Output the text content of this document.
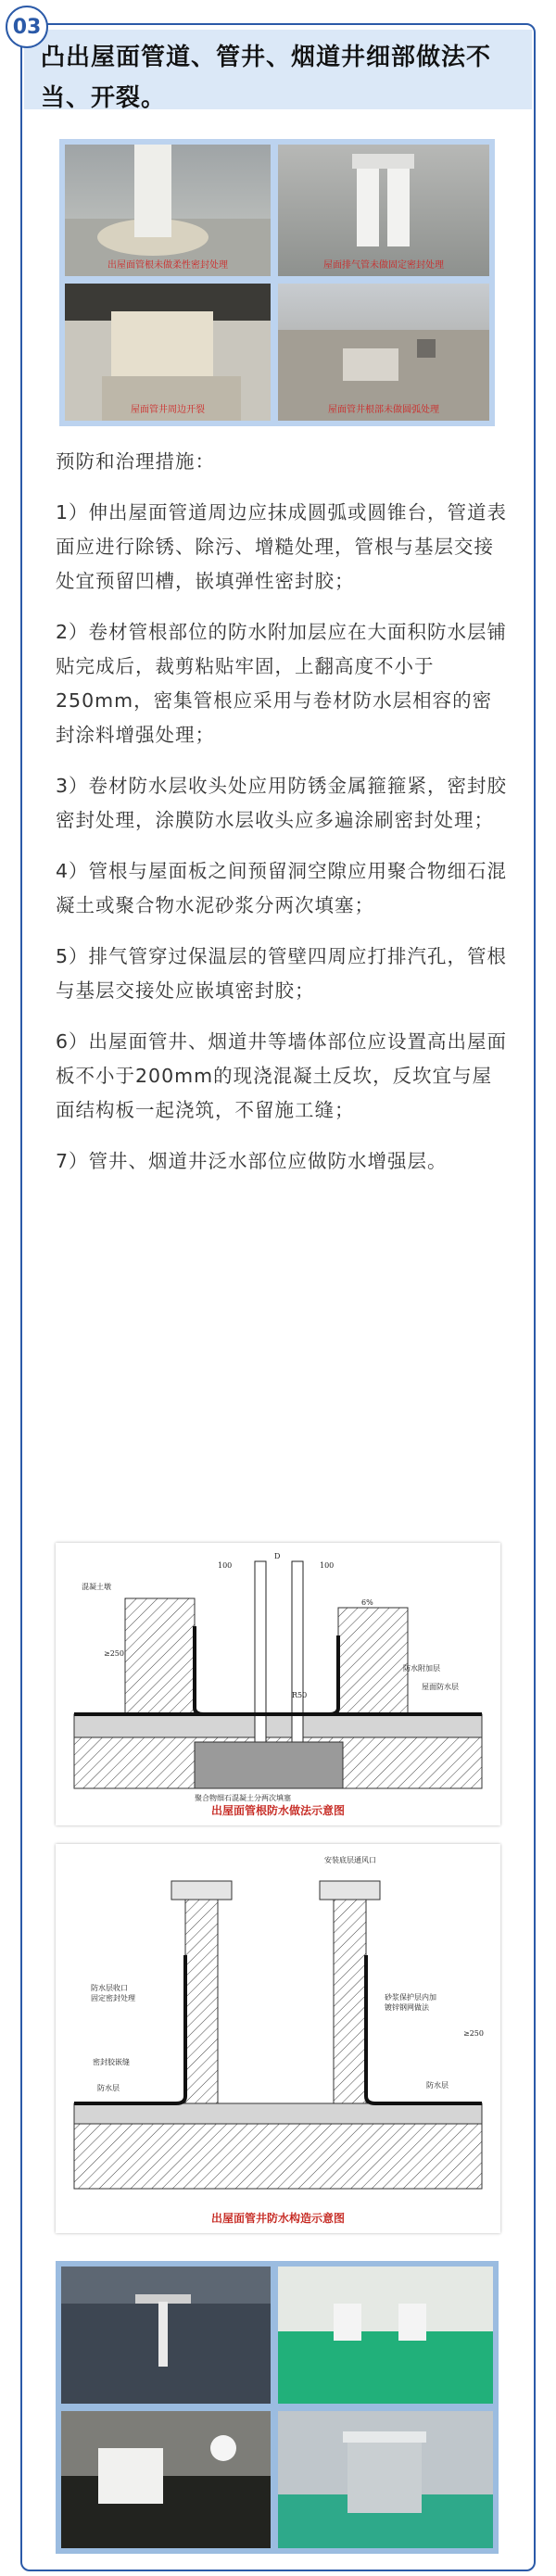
03
凸出屋面管道、管井、烟道井细部做法不当、开裂。
出屋面管根未做柔性密封处理	屋面排气管未做固定密封处理
屋面管井周边开裂	屋面管井根部未做圆弧处理

预防和治理措施：

1）伸出屋面管道周边应抹成圆弧或圆锥台，管道表面应进行除锈、除污、增糙处理，管根与基层交接处宜预留凹槽，嵌填弹性密封胶；

2）卷材管根部位的防水附加层应在大面积防水层铺贴完成后，裁剪粘贴牢固，上翻高度不小于250mm，密集管根应采用与卷材防水层相容的密封涂料增强处理；

3）卷材防水层收头处应用防锈金属箍箍紧，密封胶密封处理，涂膜防水层收头应多遍涂刷密封处理；

4）管根与屋面板之间预留洞空隙应用聚合物细石混凝土或聚合物水泥砂浆分两次填塞；

5）排气管穿过保温层的管壁四周应打排汽孔，管根与基层交接处应嵌填密封胶；

6）出屋面管井、烟道井等墙体部位应设置高出屋面板不小于200mm的现浇混凝土反坎，反坎宜与屋面结构板一起浇筑，不留施工缝；

7）管井、烟道井泛水部位应做防水增强层。

混凝土墩
100
D
100
6%
≥250
R50
防水附加层
屋面防水层
聚合物细石混凝土分两次填塞
出屋面管根防水做法示意图
安装底层通风口
防水层收口
固定密封处理
密封胶嵌缝
防水层
砂浆保护层内加
镀锌钢网做法
防水层
≥250
出屋面管井防水构造示意图
